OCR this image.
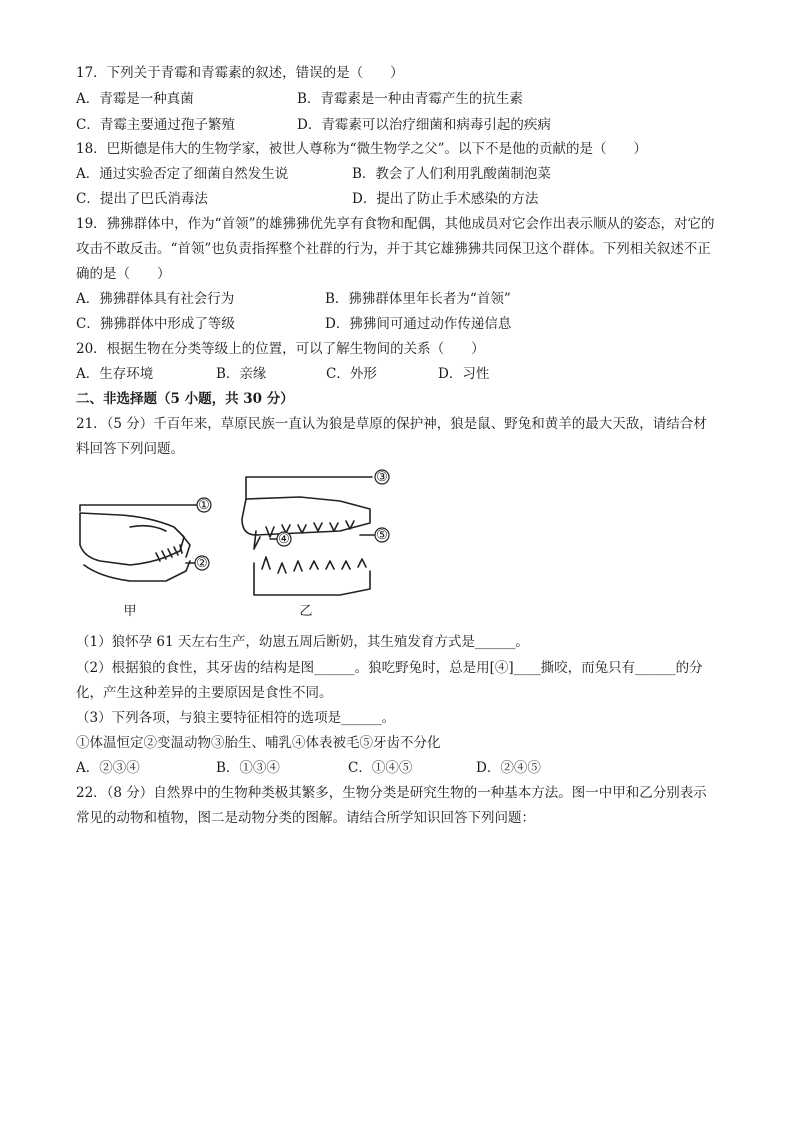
17．下列关于青霉和青霉素的叙述，错误的是（　　）
A．青霉是一种真菌	B．青霉素是一种由青霉产生的抗生素
C．青霉主要通过孢子繁殖	D．青霉素可以治疗细菌和病毒引起的疾病
18．巴斯德是伟大的生物学家，被世人尊称为“微生物学之父”。以下不是他的贡献的是（　　）
A．通过实验否定了细菌自然发生说	B．教会了人们利用乳酸菌制泡菜
C．提出了巴氏消毒法	D．提出了防止手术感染的方法
19．狒狒群体中，作为“首领”的雄狒狒优先享有食物和配偶，其他成员对它会作出表示顺从的姿态，对它的
攻击不敢反击。“首领”也负责指挥整个社群的行为，并于其它雄狒狒共同保卫这个群体。下列相关叙述不正
确的是（　　）
A．狒狒群体具有社会行为	B．狒狒群体里年长者为“首领”
C．狒狒群体中形成了等级	D．狒狒间可通过动作传递信息
20．根据生物在分类等级上的位置，可以了解生物间的关系（　　）
A．生存环境	B．亲缘	C．外形	D．习性
二、非选择题（5 小题，共 30 分）
21．（5 分）千百年来，草原民族一直认为狼是草原的保护神，狼是鼠、野兔和黄羊的最大天敌，请结合材
料回答下列问题。
①
②
③
④	⑤
甲	乙
（1）狼怀孕 61 天左右生产，幼崽五周后断奶，其生殖发育方式是______。
（2）根据狼的食性，其牙齿的结构是图______。狼吃野兔时，总是用[④]____撕咬，而兔只有______的分
化，产生这种差异的主要原因是食性不同。
（3）下列各项，与狼主要特征相符的选项是______。
①体温恒定②变温动物③胎生、哺乳④体表被毛⑤牙齿不分化
A．②③④	B．①③④	C．①④⑤	D．②④⑤
22．（8 分）自然界中的生物种类极其繁多，生物分类是研究生物的一种基本方法。图一中甲和乙分别表示
常见的动物和植物，图二是动物分类的图解。请结合所学知识回答下列问题：
